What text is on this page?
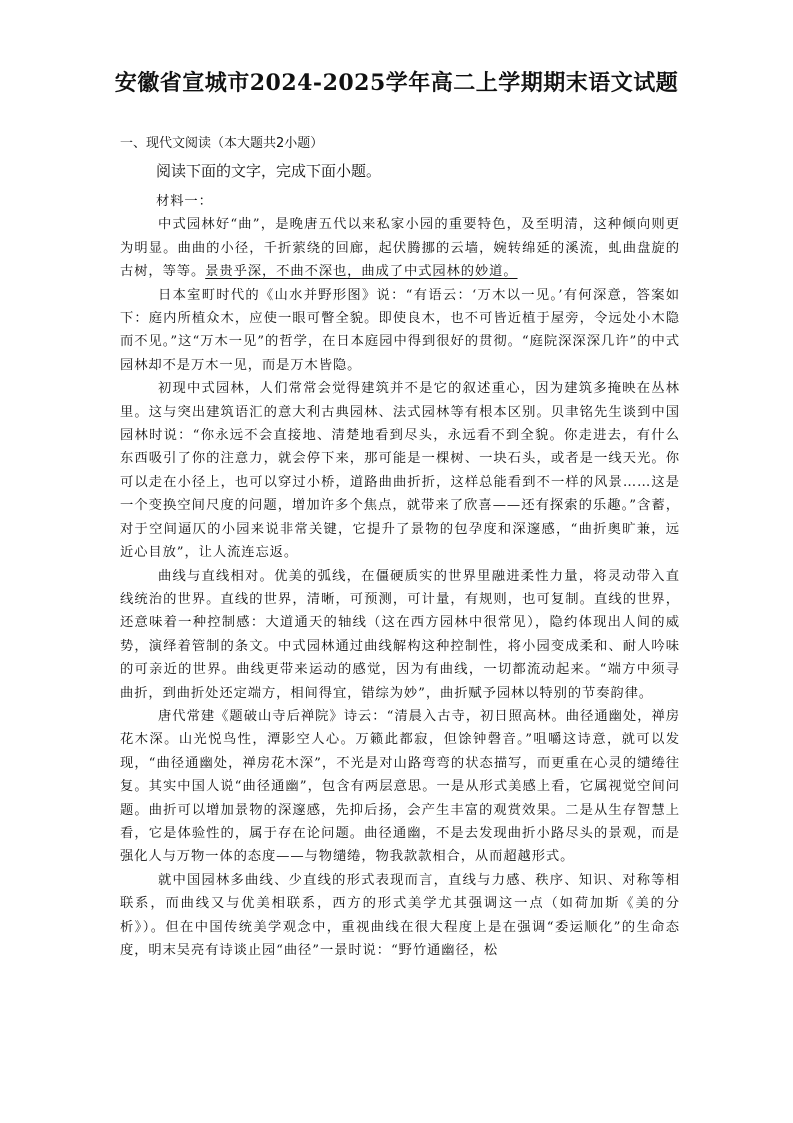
安徽省宣城市2024-2025学年高二上学期期末语文试题
一、现代文阅读（本大题共2小题）
阅读下面的文字，完成下面小题。

材料一：

中式园林好“曲”，是晚唐五代以来私家小园的重要特色，及至明清，这种倾向则更为明显。曲曲的小径，千折萦绕的回廊，起伏腾挪的云墙，婉转绵延的溪流，虬曲盘旋的古树，等等。景贵乎深，不曲不深也，曲成了中式园林的妙道。

日本室町时代的《山水并野形图》说：“有语云：‘万木以一见。’有何深意，答案如下：庭内所植众木，应使一眼可瞥全貌。即使良木，也不可皆近植于屋旁，令远处小木隐而不见。”这“万木一见”的哲学，在日本庭园中得到很好的贯彻。“庭院深深深几许”的中式园林却不是万木一见，而是万木皆隐。

初现中式园林，人们常常会觉得建筑并不是它的叙述重心，因为建筑多掩映在丛林里。这与突出建筑语汇的意大利古典园林、法式园林等有根本区别。贝聿铭先生谈到中国园林时说：“你永远不会直接地、清楚地看到尽头，永远看不到全貌。你走进去，有什么东西吸引了你的注意力，就会停下来，那可能是一棵树、一块石头，或者是一线天光。你可以走在小径上，也可以穿过小桥，道路曲曲折折，这样总能看到不一样的风景……这是一个变换空间尺度的问题，增加许多个焦点，就带来了欣喜——还有探索的乐趣。”含蓄，对于空间逼仄的小园来说非常关键，它提升了景物的包孕度和深邃感，“曲折奥旷兼，远近心目放”，让人流连忘返。

曲线与直线相对。优美的弧线，在僵硬质实的世界里融进柔性力量，将灵动带入直线统治的世界。直线的世界，清晰，可预测，可计量，有规则，也可复制。直线的世界，还意味着一种控制感：大道通天的轴线（这在西方园林中很常见），隐约体现出人间的威势，演绎着管制的条文。中式园林通过曲线解构这种控制性，将小园变成柔和、耐人吟味的可亲近的世界。曲线更带来运动的感觉，因为有曲线，一切都流动起来。“端方中须寻曲折，到曲折处还定端方，相间得宜，错综为妙”，曲折赋予园林以特别的节奏韵律。

唐代常建《题破山寺后禅院》诗云：“清晨入古寺，初日照高林。曲径通幽处，禅房花木深。山光悦鸟性，潭影空人心。万籁此都寂，但馀钟磬音。”咀嚼这诗意，就可以发现，“曲径通幽处，禅房花木深”，不光是对山路弯弯的状态描写，而更重在心灵的缱绻往复。其实中国人说“曲径通幽”，包含有两层意思。一是从形式美感上看，它属视觉空间问题。曲折可以增加景物的深邃感，先抑后扬，会产生丰富的观赏效果。二是从生存智慧上看，它是体验性的，属于存在论问题。曲径通幽，不是去发现曲折小路尽头的景观，而是强化人与万物一体的态度——与物缱绻，物我款款相合，从而超越形式。

就中国园林多曲线、少直线的形式表现而言，直线与力感、秩序、知识、对称等相联系，而曲线又与优美相联系，西方的形式美学尤其强调这一点（如荷加斯《美的分析》）。但在中国传统美学观念中，重视曲线在很大程度上是在强调“委运顺化”的生命态度，明末吴亮有诗谈止园“曲径”一景时说：“野竹通幽径，松
